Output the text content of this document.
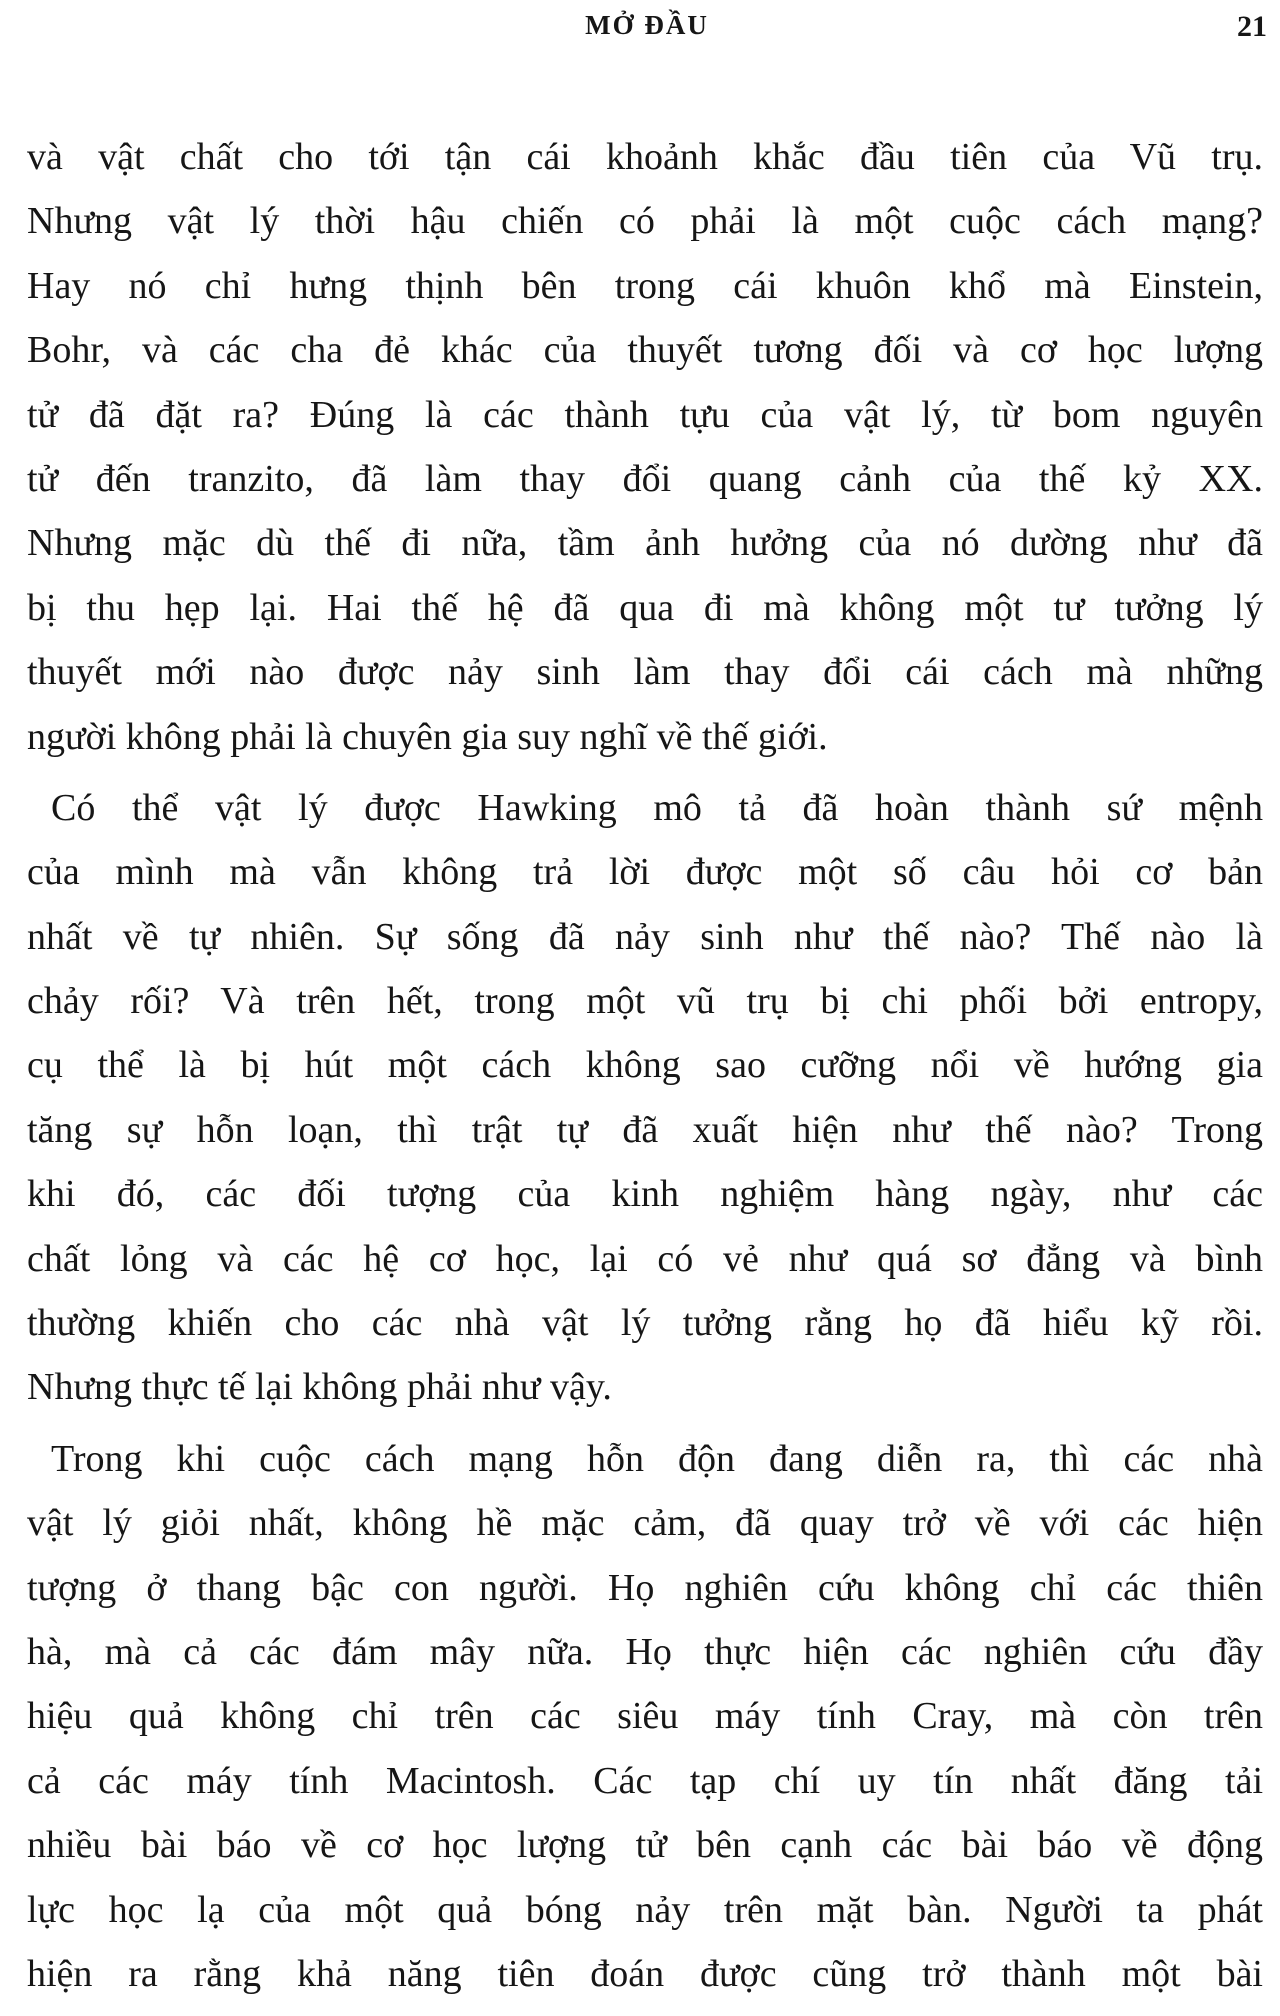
MỞ ĐẦU	21

và vật chất cho tới tận cái khoảnh khắc đầu tiên của Vũ trụ.
Nhưng vật lý thời hậu chiến có phải là một cuộc cách mạng?
Hay nó chỉ hưng thịnh bên trong cái khuôn khổ mà Einstein,
Bohr, và các cha đẻ khác của thuyết tương đối và cơ học lượng
tử đã đặt ra? Đúng là các thành tựu của vật lý, từ bom nguyên
tử đến tranzito, đã làm thay đổi quang cảnh của thế kỷ XX.
Nhưng mặc dù thế đi nữa, tầm ảnh hưởng của nó dường như đã
bị thu hẹp lại. Hai thế hệ đã qua đi mà không một tư tưởng lý
thuyết mới nào được nảy sinh làm thay đổi cái cách mà những
người không phải là chuyên gia suy nghĩ về thế giới.

Có thể vật lý được Hawking mô tả đã hoàn thành sứ mệnh
của mình mà vẫn không trả lời được một số câu hỏi cơ bản
nhất về tự nhiên. Sự sống đã nảy sinh như thế nào? Thế nào là
chảy rối? Và trên hết, trong một vũ trụ bị chi phối bởi entropy,
cụ thể là bị hút một cách không sao cưỡng nổi về hướng gia
tăng sự hỗn loạn, thì trật tự đã xuất hiện như thế nào? Trong
khi đó, các đối tượng của kinh nghiệm hàng ngày, như các
chất lỏng và các hệ cơ học, lại có vẻ như quá sơ đẳng và bình
thường khiến cho các nhà vật lý tưởng rằng họ đã hiểu kỹ rồi.
Nhưng thực tế lại không phải như vậy.

Trong khi cuộc cách mạng hỗn độn đang diễn ra, thì các nhà
vật lý giỏi nhất, không hề mặc cảm, đã quay trở về với các hiện
tượng ở thang bậc con người. Họ nghiên cứu không chỉ các thiên
hà, mà cả các đám mây nữa. Họ thực hiện các nghiên cứu đầy
hiệu quả không chỉ trên các siêu máy tính Cray, mà còn trên
cả các máy tính Macintosh. Các tạp chí uy tín nhất đăng tải
nhiều bài báo về cơ học lượng tử bên cạnh các bài báo về động
lực học lạ của một quả bóng nảy trên mặt bàn. Người ta phát
hiện ra rằng khả năng tiên đoán được cũng trở thành một bài
